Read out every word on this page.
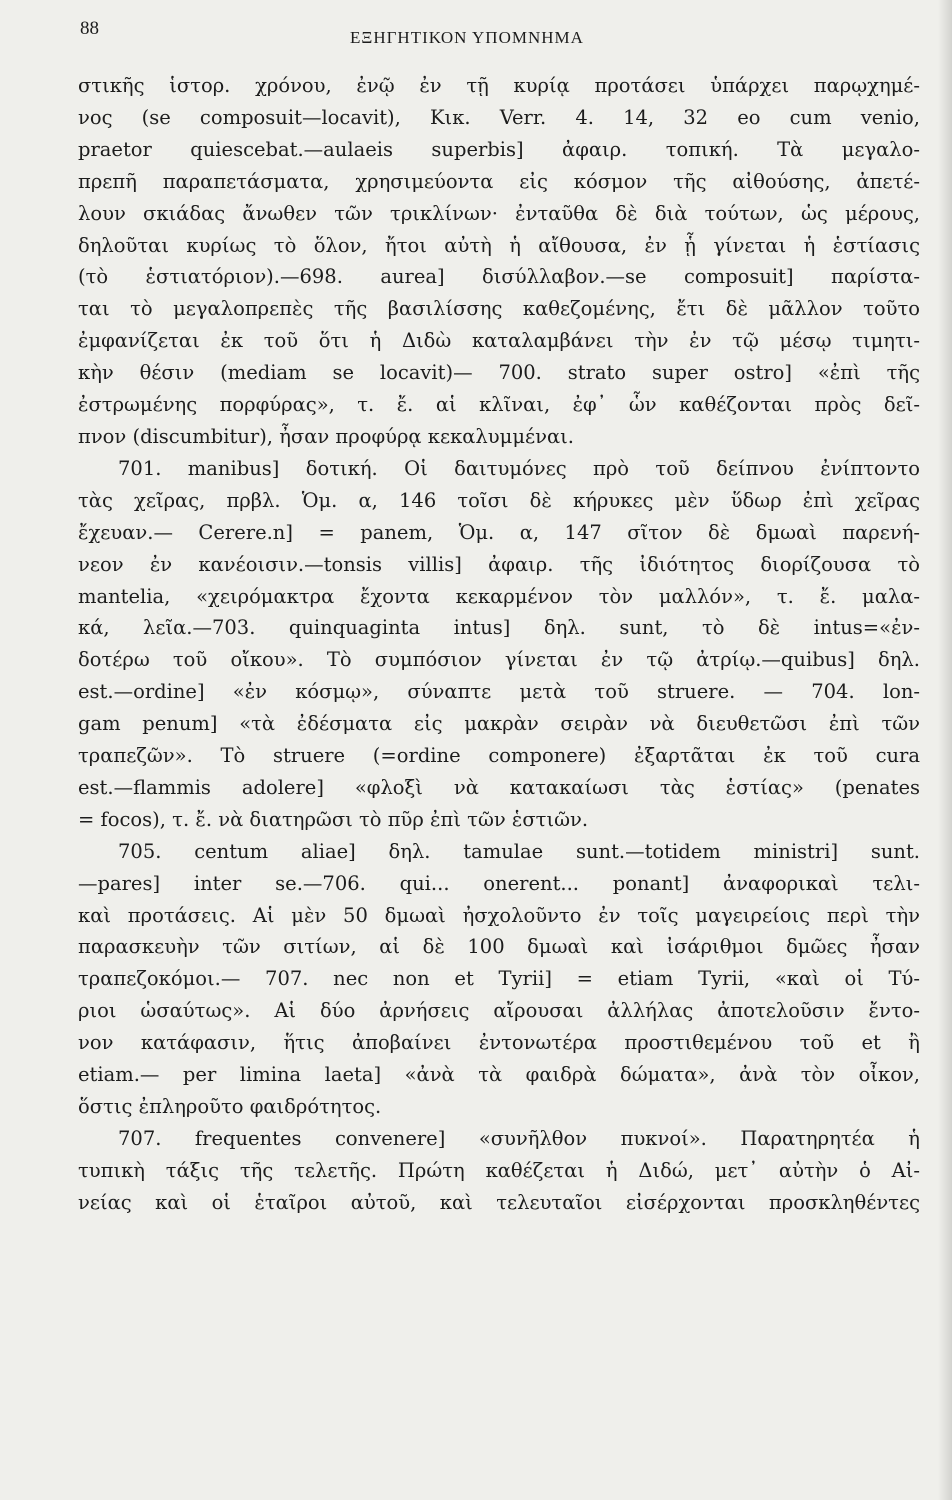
88	ΕΞΗΓΗΤΙΚΟΝ ΥΠΟΜΝΗΜΑ
στικῆς ἱστορ. χρόνου, ἐνῷ ἐν τῇ κυρίᾳ προτάσει ὑπάρχει παρῳχημέ-
νος (se composuit—locavit), Κικ. Verr. 4. 14, 32 eo cum venio,
praetor quiescebat.—aulaeis superbis] ἀφαιρ. τοπική. Τὰ μεγαλο-
πρεπῆ παραπετάσματα, χρησιμεύοντα εἰς κόσμον τῆς αἰθούσης, ἀπετέ-
λουν σκιάδας ἄνωθεν τῶν τρικλίνων· ἐνταῦθα δὲ διὰ τούτων, ὡς μέρους,
δηλοῦται κυρίως τὸ ὅλον, ἤτοι αὐτὴ ἡ αἴθουσα, ἐν ᾗ γίνεται ἡ ἑστίασις
(τὸ ἑστιατόριον).—698. aurea] δισύλλαβον.—se composuit] παρίστα-
ται τὸ μεγαλοπρεπὲς τῆς βασιλίσσης καθεζομένης, ἔτι δὲ μᾶλλον τοῦτο
ἐμφανίζεται ἐκ τοῦ ὅτι ἡ Διδὼ καταλαμβάνει τὴν ἐν τῷ μέσῳ τιμητι-
κὴν θέσιν (mediam se locavit)— 700. strato super ostro] «ἐπὶ τῆς
ἐστρωμένης πορφύρας», τ. ἔ. αἱ κλῖναι, ἐφ᾽ ὧν καθέζονται πρὸς δεῖ-
πνον (discumbitur), ἦσαν προφύρᾳ κεκαλυμμέναι.
701. manibus] δοτική. Οἱ δαιτυμόνες πρὸ τοῦ δείπνου ἐνίπτοντο
τὰς χεῖρας, πρβλ. Ὁμ. α, 146 τοῖσι δὲ κήρυκες μὲν ὕδωρ ἐπὶ χεῖρας
ἔχευαν.— Cerere.n] = panem, Ὁμ. α, 147 σῖτον δὲ δμωαὶ παρενή-
νεον ἐν κανέοισιν.—tonsis villis] ἀφαιρ. τῆς ἰδιότητος διορίζουσα τὸ
mantelia, «χειρόμακτρα ἔχοντα κεκαρμένον τὸν μαλλόν», τ. ἔ. μαλα-
κά, λεῖα.—703. quinquaginta intus] δηλ. sunt, τὸ δὲ intus=«ἐν-
δοτέρω τοῦ οἴκου». Τὸ συμπόσιον γίνεται ἐν τῷ ἀτρίῳ.—quibus] δηλ.
est.—ordine] «ἐν κόσμῳ», σύναπτε μετὰ τοῦ struere. — 704. lon-
gam penum] «τὰ ἐδέσματα εἰς μακρὰν σειρὰν νὰ διευθετῶσι ἐπὶ τῶν
τραπεζῶν». Τὸ struere (=ordine componere) ἐξαρτᾶται ἐκ τοῦ cura
est.—flammis adolere] «φλοξὶ νὰ κατακαίωσι τὰς ἑστίας» (penates
= focos), τ. ἔ. νὰ διατηρῶσι τὸ πῦρ ἐπὶ τῶν ἑστιῶν.
705. centum aliae] δηλ. tamulae sunt.—totidem ministri] sunt.
—pares] inter se.—706. qui... onerent... ponant] ἀναφορικαὶ τελι-
καὶ προτάσεις. Αἱ μὲν 50 δμωαὶ ἠσχολοῦντο ἐν τοῖς μαγειρείοις περὶ τὴν
παρασκευὴν τῶν σιτίων, αἱ δὲ 100 δμωαὶ καὶ ἰσάριθμοι δμῶες ἦσαν
τραπεζοκόμοι.— 707. nec non et Tyrii] = etiam Tyrii, «καὶ οἱ Τύ-
ριοι ὡσαύτως». Αἱ δύο ἀρνήσεις αἴρουσαι ἀλλήλας ἀποτελοῦσιν ἔντο-
νον κατάφασιν, ἥτις ἀποβαίνει ἐντονωτέρα προστιθεμένου τοῦ et ἢ
etiam.— per limina laeta] «ἀνὰ τὰ φαιδρὰ δώματα», ἀνὰ τὸν οἶκον,
ὅστις ἐπληροῦτο φαιδρότητος.
707. frequentes convenere] «συνῆλθον πυκνοί». Παρατηρητέα ἡ
τυπικὴ τάξις τῆς τελετῆς. Πρώτη καθέζεται ἡ Διδώ, μετ᾽ αὐτὴν ὁ Αἰ-
νείας καὶ οἱ ἑταῖροι αὐτοῦ, καὶ τελευταῖοι εἰσέρχονται προσκληθέντες
